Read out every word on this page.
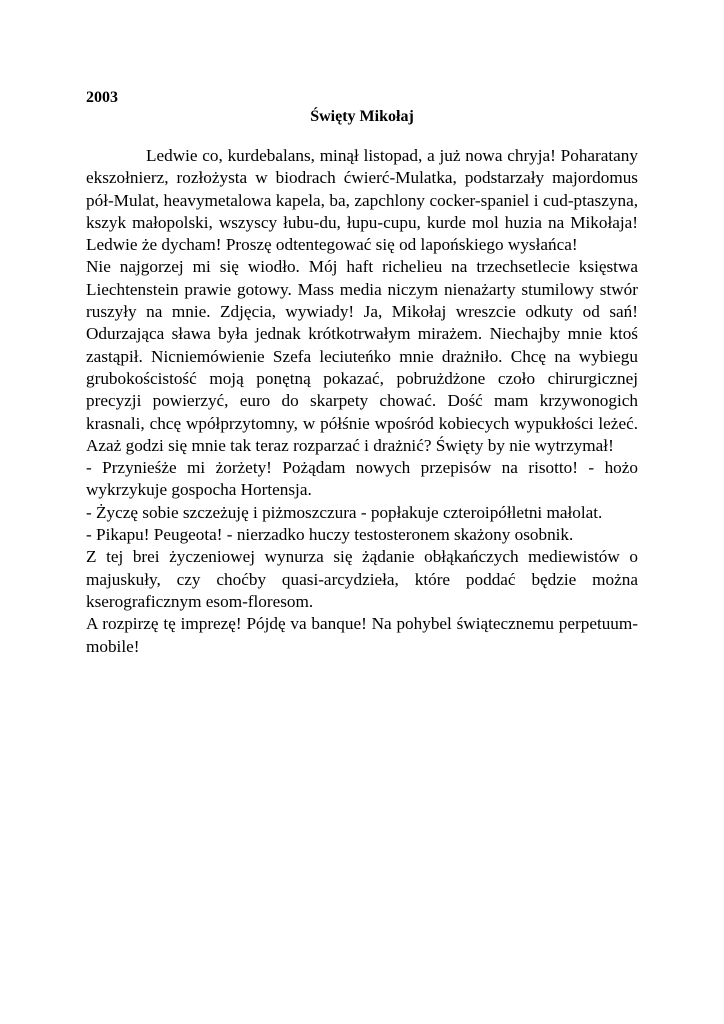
2003

Święty Mikołaj

Ledwie co, kurdebalans, minął listopad, a już nowa chryja! Poharatany ekszołnierz, rozłożysta w biodrach ćwierć-Mulatka, podstarzały majordomus pół-Mulat, heavymetalowa kapela, ba, zapchlony cocker-spaniel i cud-ptaszyna, kszyk małopolski, wszyscy łubu-du, łupu-cupu, kurde mol huzia na Mikołaja! Ledwie że dycham! Proszę odtentegować się od lapońskiego wysłańca!

Nie najgorzej mi się wiodło. Mój haft richelieu na trzechsetlecie księstwa Liechtenstein prawie gotowy. Mass media niczym nienażarty stumilowy stwór ruszyły na mnie. Zdjęcia, wywiady! Ja, Mikołaj wreszcie odkuty od sań! Odurzająca sława była jednak krótkotrwałym mirażem. Niechajby mnie ktoś zastąpił. Nicniemówienie Szefa leciuteńko mnie drażniło. Chcę na wybiegu grubokościstość moją ponętną pokazać, pobrużdżone czoło chirurgicznej precyzji powierzyć, euro do skarpety chować. Dość mam krzywonogich krasnali, chcę wpółprzytomny, w półśnie wpośród kobiecych wypukłości leżeć. Azaż godzi się mnie tak teraz rozparzać i drażnić? Święty by nie wytrzymał!

- Przynieśże mi żorżety! Pożądam nowych przepisów na risotto! - hożo wykrzykuje gospocha Hortensja.

- Życzę sobie szczeżuję i piżmoszczura - popłakuje czteroipółletni małolat.

- Pikapu! Peugeota! - nierzadko huczy testosteronem skażony osobnik.

Z tej brei życzeniowej wynurza się żądanie obłąkańczych mediewistów o majuskuły, czy choćby quasi-arcydzieła, które poddać będzie można kserograficznym esom-floresom.

A rozpirzę tę imprezę! Pójdę va banque! Na pohybel świątecznemu perpetuum-mobile!
